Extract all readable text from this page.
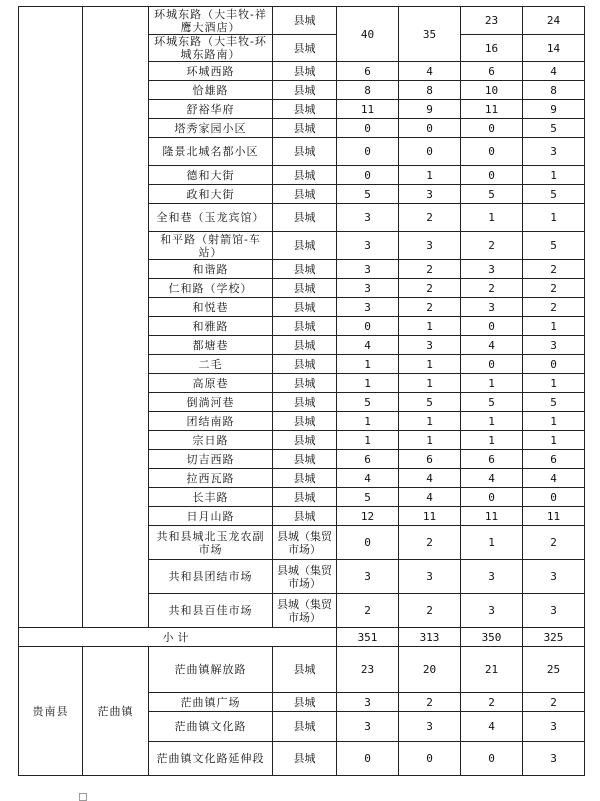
		环城东路（大丰牧-祥鹰大酒店）	县城	40	35	23	24
		环城东路（大丰牧-环城东路南）	县城			16	14
		环城西路	县城	6	4	6	4
		恰雄路	县城	8	8	10	8
		舒裕华府	县城	11	9	11	9
		塔秀家园小区	县城	0	0	0	5
		隆景北城名都小区	县城	0	0	0	3
		德和大街	县城	0	1	0	1
		政和大街	县城	5	3	5	5
		全和巷（玉龙宾馆）	县城	3	2	1	1
		和平路（射箭馆-车站）	县城	3	3	2	5
		和谐路	县城	3	2	3	2
		仁和路（学校）	县城	3	2	2	2
		和悦巷	县城	3	2	3	2
		和雅路	县城	0	1	0	1
		都塘巷	县城	4	3	4	3
		二毛	县城	1	1	0	0
		高原巷	县城	1	1	1	1
		倒淌河巷	县城	5	5	5	5
		团结南路	县城	1	1	1	1
		宗日路	县城	1	1	1	1
		切吉西路	县城	6	6	6	6
		拉西瓦路	县城	4	4	4	4
		长丰路	县城	5	4	0	0
		日月山路	县城	12	11	11	11
		共和县城北玉龙农副市场	县城（集贸市场）	0	2	1	2
		共和县团结市场	县城（集贸市场）	3	3	3	3
		共和县百佳市场	县城（集贸市场）	2	2	3	3
小计				351	313	350	325
贵南县	茫曲镇	茫曲镇解放路	县城	23	20	21	25
		茫曲镇广场	县城	3	2	2	2
		茫曲镇文化路	县城	3	3	4	3
		茫曲镇文化路延伸段	县城	0	0	0	3
